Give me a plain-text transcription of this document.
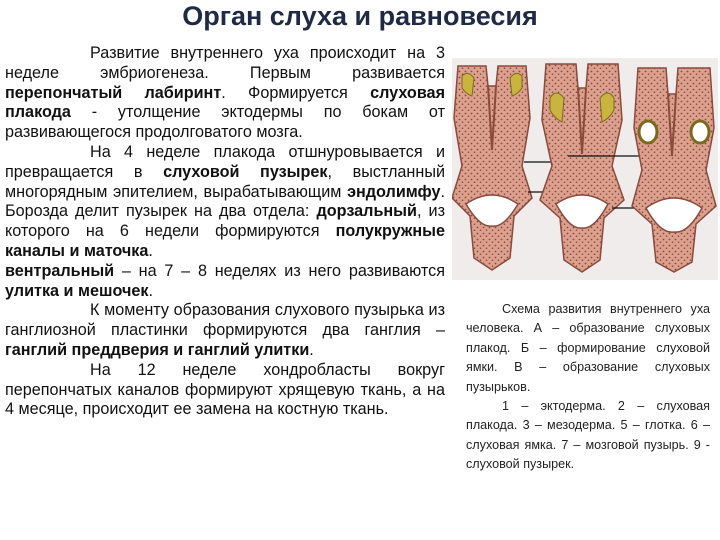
Орган слуха и равновесия

Развитие внутреннего уха происходит на 3 неделе эмбриогенеза. Первым развивается перепончатый лабиринт. Формируется слуховая плакода - утолщение эктодермы по бокам от развивающегося продолговатого мозга.

На 4 неделе плакода отшнуровывается и превращается в слуховой пузырек, выстланный многорядным эпителием, вырабатывающим эндолимфу. Борозда делит пузырек на два отдела: дорзальный, из которого на 6 недели формируются полукружные каналы и маточка.
вентральный – на 7 – 8 неделях из него развиваются улитка и мешочек.

К моменту образования слухового пузырька из ганглиозной пластинки формируются два ганглия – ганглий преддверия и ганглий улитки.

На 12 неделе хондробласты вокруг перепончатых каналов формируют хрящевую ткань, а на 4 месяце, происходит ее замена на костную ткань.

Схема развития внутреннего уха человека. А – образование слуховых плакод. Б – формирование слуховой ямки. В – образование слуховых пузырьков.

1 – эктодерма. 2 – слуховая плакода. 3 – мезодерма. 5 – глотка. 6 – слуховая ямка. 7 – мозговой пузырь. 9 - слуховой пузырек.
